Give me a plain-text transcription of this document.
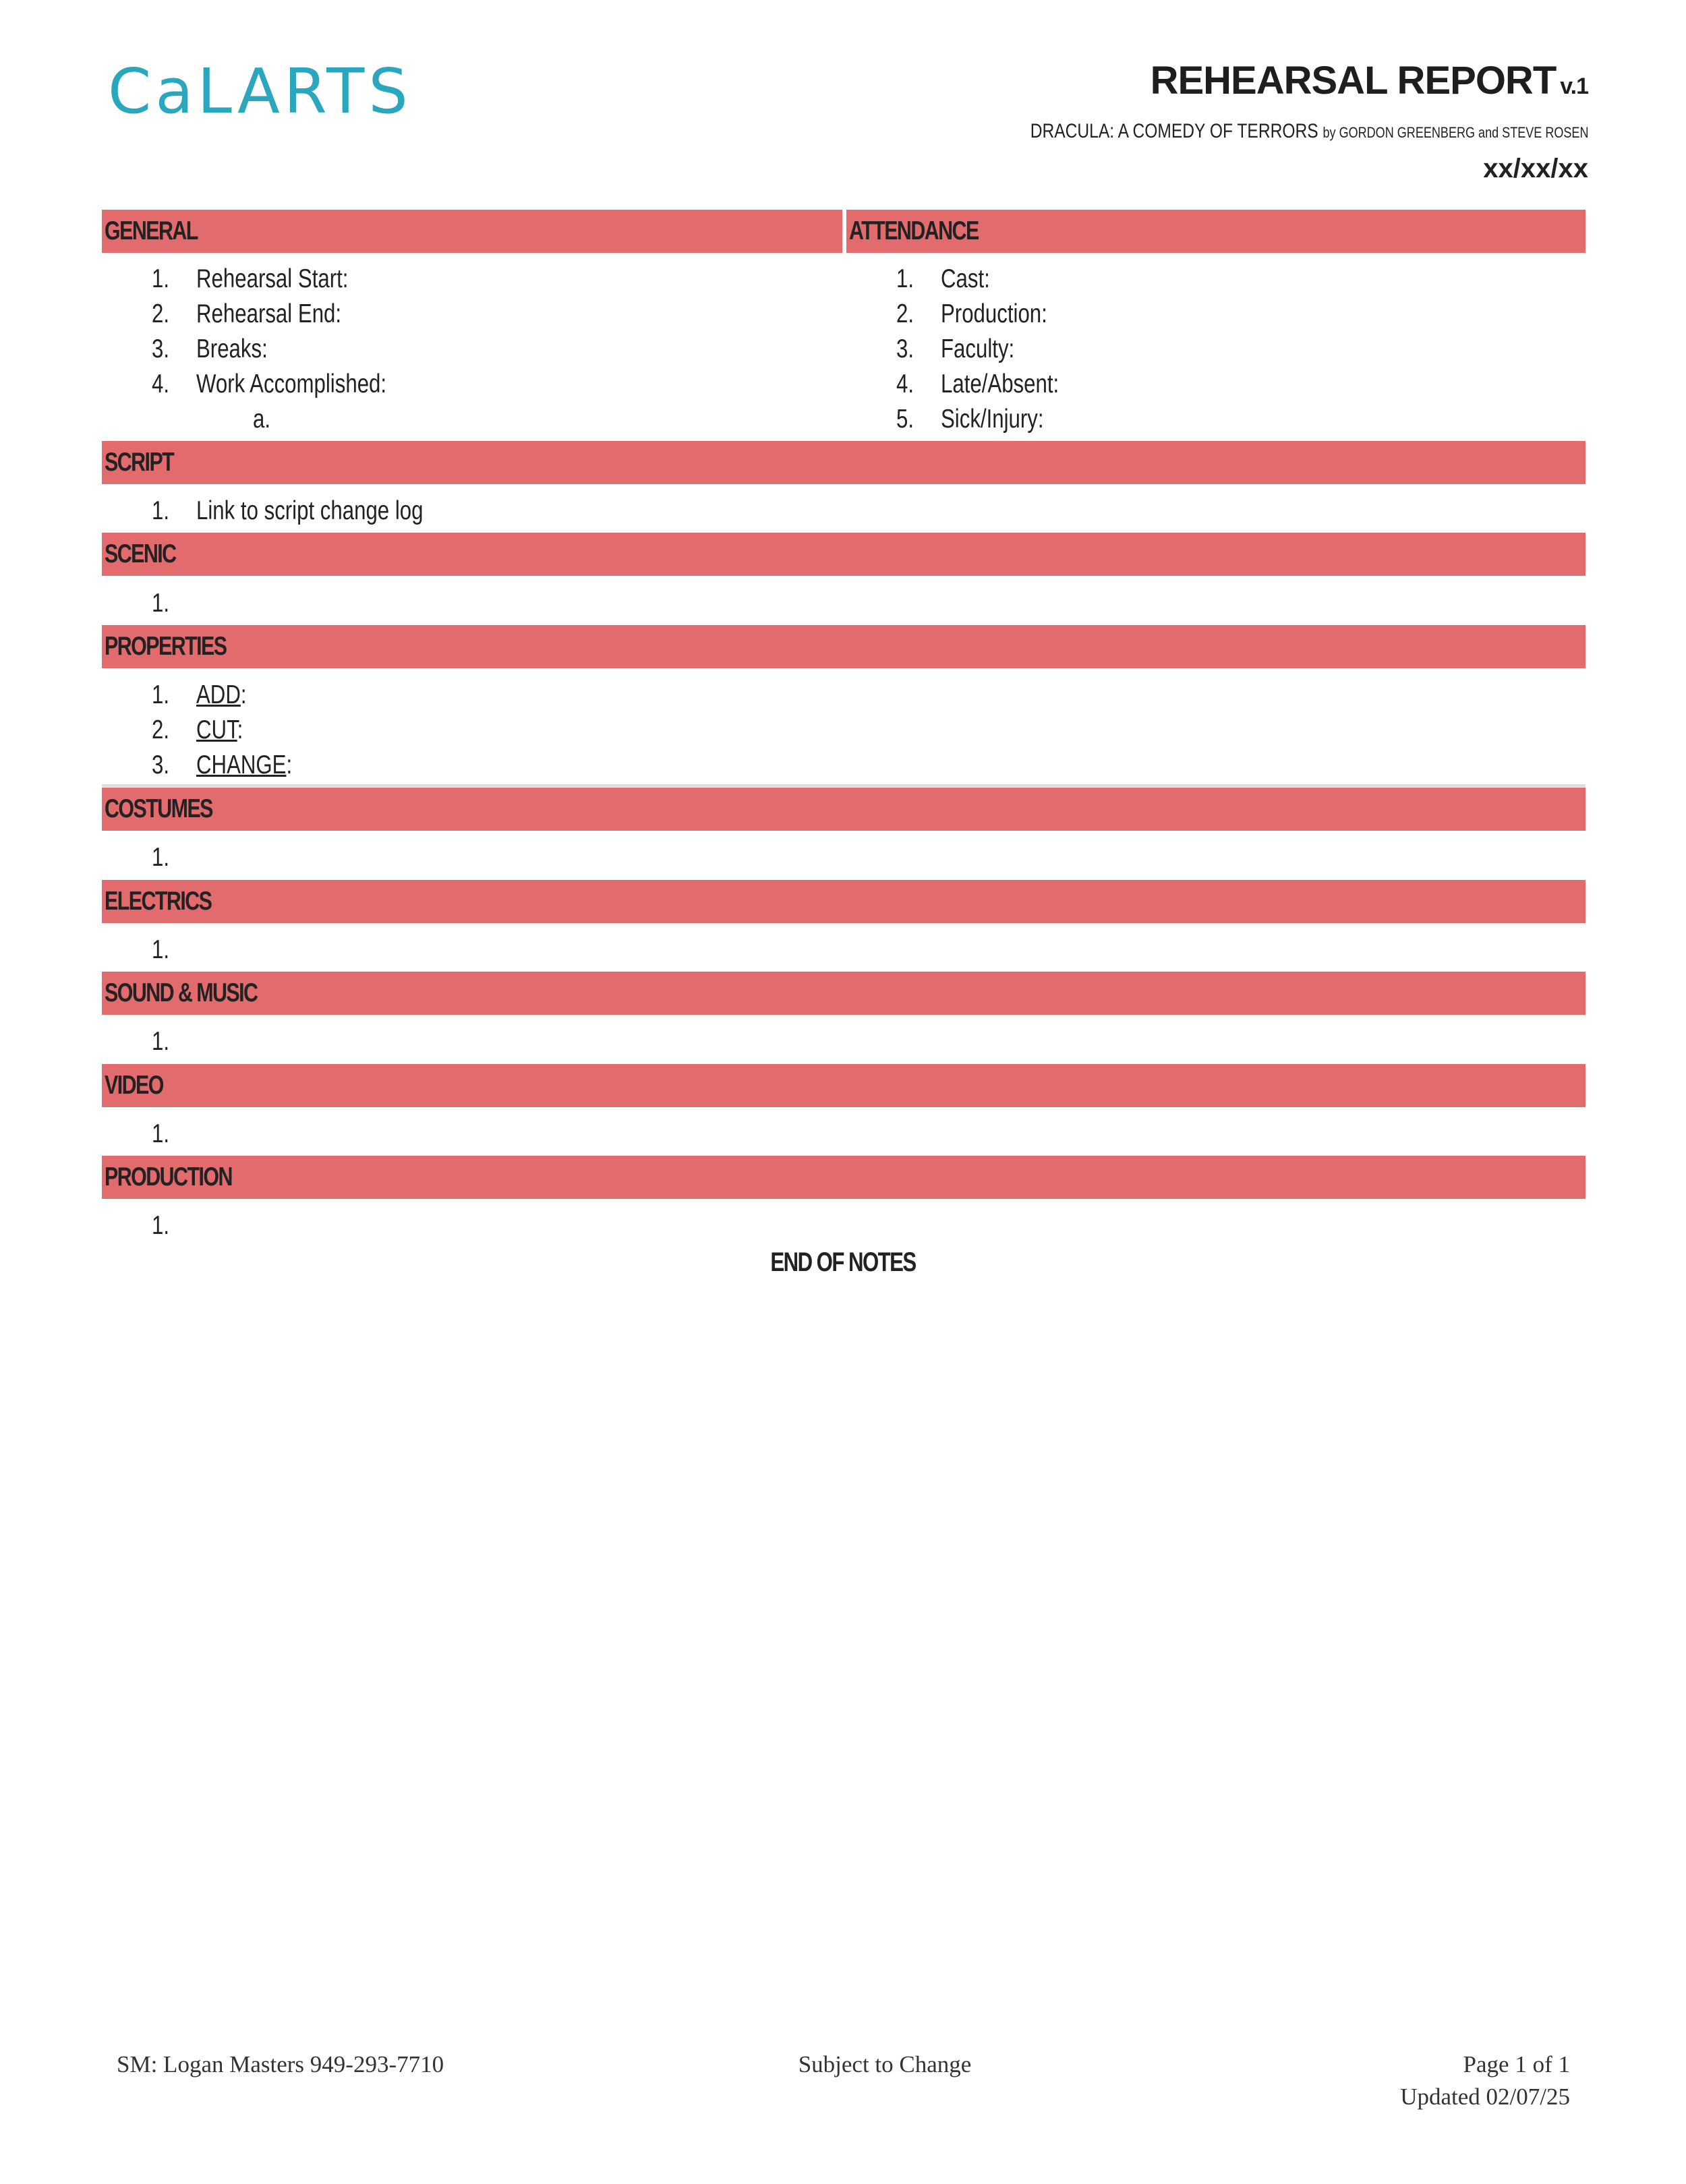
CaLARTS	REHEARSAL REPORT v.1
DRACULA: A COMEDY OF TERRORS by GORDON GREENBERG and STEVE ROSEN
xx/xx/xx
GENERAL	ATTENDANCE
1. Rehearsal Start:
2. Rehearsal End:
3. Breaks:
4. Work Accomplished:
a.
1. Cast:
2. Production:
3. Faculty:
4. Late/Absent:
5. Sick/Injury:
SCRIPT
1. Link to script change log
SCENIC
1.
PROPERTIES
1. ADD:
2. CUT:
3. CHANGE:
COSTUMES
1.
ELECTRICS
1.
SOUND & MUSIC
1.
VIDEO
1.
PRODUCTION
1.
END OF NOTES
SM: Logan Masters 949-293-7710	Subject to Change	Page 1 of 1
Updated 02/07/25
